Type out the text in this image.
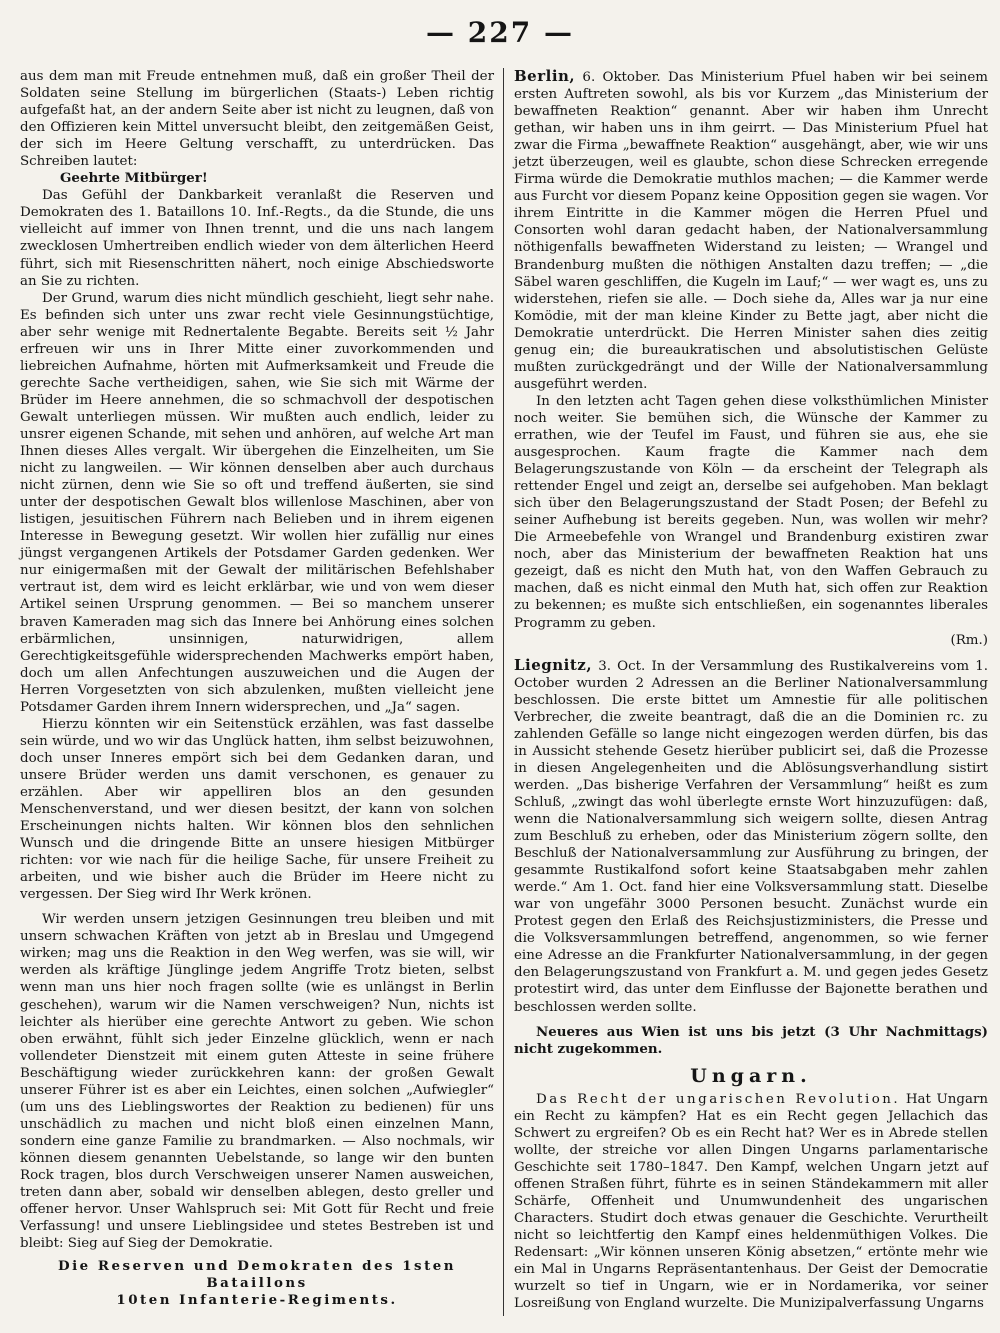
— 227 —

aus dem man mit Freude entnehmen muß, daß ein großer Theil der Soldaten seine Stellung im bürgerlichen (Staats-) Leben richtig aufgefaßt hat, an der andern Seite aber ist nicht zu leugnen, daß von den Offizieren kein Mittel unversucht bleibt, den zeitgemäßen Geist, der sich im Heere Geltung verschafft, zu unterdrücken. Das Schreiben lautet:

Geehrte Mitbürger!

Das Gefühl der Dankbarkeit veranlaßt die Reserven und Demokraten des 1. Bataillons 10. Inf.-Regts., da die Stunde, die uns vielleicht auf immer von Ihnen trennt, und die uns nach langem zwecklosen Umhertreiben endlich wieder von dem älterlichen Heerd führt, sich mit Riesenschritten nähert, noch einige Abschiedsworte an Sie zu richten.

Der Grund, warum dies nicht mündlich geschieht, liegt sehr nahe. Es befinden sich unter uns zwar recht viele Gesinnungstüchtige, aber sehr wenige mit Rednertalente Begabte. Bereits seit ½ Jahr erfreuen wir uns in Ihrer Mitte einer zuvorkommenden und liebreichen Aufnahme, hörten mit Aufmerksamkeit und Freude die gerechte Sache vertheidigen, sahen, wie Sie sich mit Wärme der Brüder im Heere annehmen, die so schmachvoll der despotischen Gewalt unterliegen müssen. Wir mußten auch endlich, leider zu unsrer eigenen Schande, mit sehen und anhören, auf welche Art man Ihnen dieses Alles vergalt. Wir übergehen die Einzelheiten, um Sie nicht zu langweilen. — Wir können denselben aber auch durchaus nicht zürnen, denn wie Sie so oft und treffend äußerten, sie sind unter der despotischen Gewalt blos willenlose Maschinen, aber von listigen, jesuitischen Führern nach Belieben und in ihrem eigenen Interesse in Bewegung gesetzt. Wir wollen hier zufällig nur eines jüngst vergangenen Artikels der Potsdamer Garden gedenken. Wer nur einigermaßen mit der Gewalt der militärischen Befehlshaber vertraut ist, dem wird es leicht erklärbar, wie und von wem dieser Artikel seinen Ursprung genommen. — Bei so manchem unserer braven Kameraden mag sich das Innere bei Anhörung eines solchen erbärmlichen, unsinnigen, naturwidrigen, allem Gerechtigkeitsgefühle widersprechenden Machwerks empört haben, doch um allen Anfechtungen auszuweichen und die Augen der Herren Vorgesetzten von sich abzulenken, mußten vielleicht jene Potsdamer Garden ihrem Innern widersprechen, und „Ja“ sagen.

Hierzu könnten wir ein Seitenstück erzählen, was fast dasselbe sein würde, und wo wir das Unglück hatten, ihm selbst beizuwohnen, doch unser Inneres empört sich bei dem Gedanken daran, und unsere Brüder werden uns damit verschonen, es genauer zu erzählen. Aber wir appelliren blos an den gesunden Menschenverstand, und wer diesen besitzt, der kann von solchen Erscheinungen nichts halten. Wir können blos den sehnlichen Wunsch und die dringende Bitte an unsere hiesigen Mitbürger richten: vor wie nach für die heilige Sache, für unsere Freiheit zu arbeiten, und wie bisher auch die Brüder im Heere nicht zu vergessen. Der Sieg wird Ihr Werk krönen.

Wir werden unsern jetzigen Gesinnungen treu bleiben und mit unsern schwachen Kräften von jetzt ab in Breslau und Umgegend wirken; mag uns die Reaktion in den Weg werfen, was sie will, wir werden als kräftige Jünglinge jedem Angriffe Trotz bieten, selbst wenn man uns hier noch fragen sollte (wie es unlängst in Berlin geschehen), warum wir die Namen verschweigen? Nun, nichts ist leichter als hierüber eine gerechte Antwort zu geben. Wie schon oben erwähnt, fühlt sich jeder Einzelne glücklich, wenn er nach vollendeter Dienstzeit mit einem guten Atteste in seine frühere Beschäftigung wieder zurückkehren kann: der großen Gewalt unserer Führer ist es aber ein Leichtes, einen solchen „Aufwiegler“ (um uns des Lieblingswortes der Reaktion zu bedienen) für uns unschädlich zu machen und nicht bloß einen einzelnen Mann, sondern eine ganze Familie zu brandmarken. — Also nochmals, wir können diesem genannten Uebelstande, so lange wir den bunten Rock tragen, blos durch Verschweigen unserer Namen ausweichen, treten dann aber, sobald wir denselben ablegen, desto greller und offener hervor. Unser Wahlspruch sei: Mit Gott für Recht und freie Verfassung! und unsere Lieblingsidee und stetes Bestreben ist und bleibt: Sieg auf Sieg der Demokratie.

Die Reserven und Demokraten des 1sten Bataillons

10ten Infanterie-Regiments.

Berlin, 6. Oktober. Das Ministerium Pfuel haben wir bei seinem ersten Auftreten sowohl, als bis vor Kurzem „das Ministerium der bewaffneten Reaktion“ genannt. Aber wir haben ihm Unrecht gethan, wir haben uns in ihm geirrt. — Das Ministerium Pfuel hat zwar die Firma „bewaffnete Reaktion“ ausgehängt, aber, wie wir uns jetzt überzeugen, weil es glaubte, schon diese Schrecken erregende Firma würde die Demokratie muthlos machen; — die Kammer werde aus Furcht vor diesem Popanz keine Opposition gegen sie wagen. Vor ihrem Eintritte in die Kammer mögen die Herren Pfuel und Consorten wohl daran gedacht haben, der Nationalversammlung nöthigenfalls bewaffneten Widerstand zu leisten; — Wrangel und Brandenburg mußten die nöthigen Anstalten dazu treffen; — „die Säbel waren geschliffen, die Kugeln im Lauf;“ — wer wagt es, uns zu widerstehen, riefen sie alle. — Doch siehe da, Alles war ja nur eine Komödie, mit der man kleine Kinder zu Bette jagt, aber nicht die Demokratie unterdrückt. Die Herren Minister sahen dies zeitig genug ein; die bureaukratischen und absolutistischen Gelüste mußten zurückgedrängt und der Wille der Nationalversammlung ausgeführt werden.

In den letzten acht Tagen gehen diese volksthümlichen Minister noch weiter. Sie bemühen sich, die Wünsche der Kammer zu errathen, wie der Teufel im Faust, und führen sie aus, ehe sie ausgesprochen. Kaum fragte die Kammer nach dem Belagerungszustande von Köln — da erscheint der Telegraph als rettender Engel und zeigt an, derselbe sei aufgehoben. Man beklagt sich über den Belagerungszustand der Stadt Posen; der Befehl zu seiner Aufhebung ist bereits gegeben. Nun, was wollen wir mehr? Die Armeebefehle von Wrangel und Brandenburg existiren zwar noch, aber das Ministerium der bewaffneten Reaktion hat uns gezeigt, daß es nicht den Muth hat, von den Waffen Gebrauch zu machen, daß es nicht einmal den Muth hat, sich offen zur Reaktion zu bekennen; es mußte sich entschließen, ein sogenanntes liberales Programm zu geben.

(Rm.)

Liegnitz, 3. Oct. In der Versammlung des Rustikalvereins vom 1. October wurden 2 Adressen an die Berliner Nationalversammlung beschlossen. Die erste bittet um Amnestie für alle politischen Verbrecher, die zweite beantragt, daß die an die Dominien rc. zu zahlenden Gefälle so lange nicht eingezogen werden dürfen, bis das in Aussicht stehende Gesetz hierüber publicirt sei, daß die Prozesse in diesen Angelegenheiten und die Ablösungsverhandlung sistirt werden. „Das bisherige Verfahren der Versammlung“ heißt es zum Schluß, „zwingt das wohl überlegte ernste Wort hinzuzufügen: daß, wenn die Nationalversammlung sich weigern sollte, diesen Antrag zum Beschluß zu erheben, oder das Ministerium zögern sollte, den Beschluß der Nationalversammlung zur Ausführung zu bringen, der gesammte Rustikalfond sofort keine Staatsabgaben mehr zahlen werde.“ Am 1. Oct. fand hier eine Volksversammlung statt. Dieselbe war von ungefähr 3000 Personen besucht. Zunächst wurde ein Protest gegen den Erlaß des Reichsjustizministers, die Presse und die Volksversammlungen betreffend, angenommen, so wie ferner eine Adresse an die Frankfurter Nationalversammlung, in der gegen den Belagerungszustand von Frankfurt a. M. und gegen jedes Gesetz protestirt wird, das unter dem Einflusse der Bajonette berathen und beschlossen werden sollte.

Neueres aus Wien ist uns bis jetzt (3 Uhr Nachmittags) nicht zugekommen.

Ungarn.

Das Recht der ungarischen Revolution. Hat Ungarn ein Recht zu kämpfen? Hat es ein Recht gegen Jellachich das Schwert zu ergreifen? Ob es ein Recht hat? Wer es in Abrede stellen wollte, der streiche vor allen Dingen Ungarns parlamentarische Geschichte seit 1780–1847. Den Kampf, welchen Ungarn jetzt auf offenen Straßen führt, führte es in seinen Ständekammern mit aller Schärfe, Offenheit und Unumwundenheit des ungarischen Characters. Studirt doch etwas genauer die Geschichte. Verurtheilt nicht so leichtfertig den Kampf eines heldenmüthigen Volkes. Die Redensart: „Wir können unseren König absetzen,“ ertönte mehr wie ein Mal in Ungarns Repräsentantenhaus. Der Geist der Democratie wurzelt so tief in Ungarn, wie er in Nordamerika, vor seiner Losreißung von England wurzelte. Die Munizipalverfassung Ungarns
